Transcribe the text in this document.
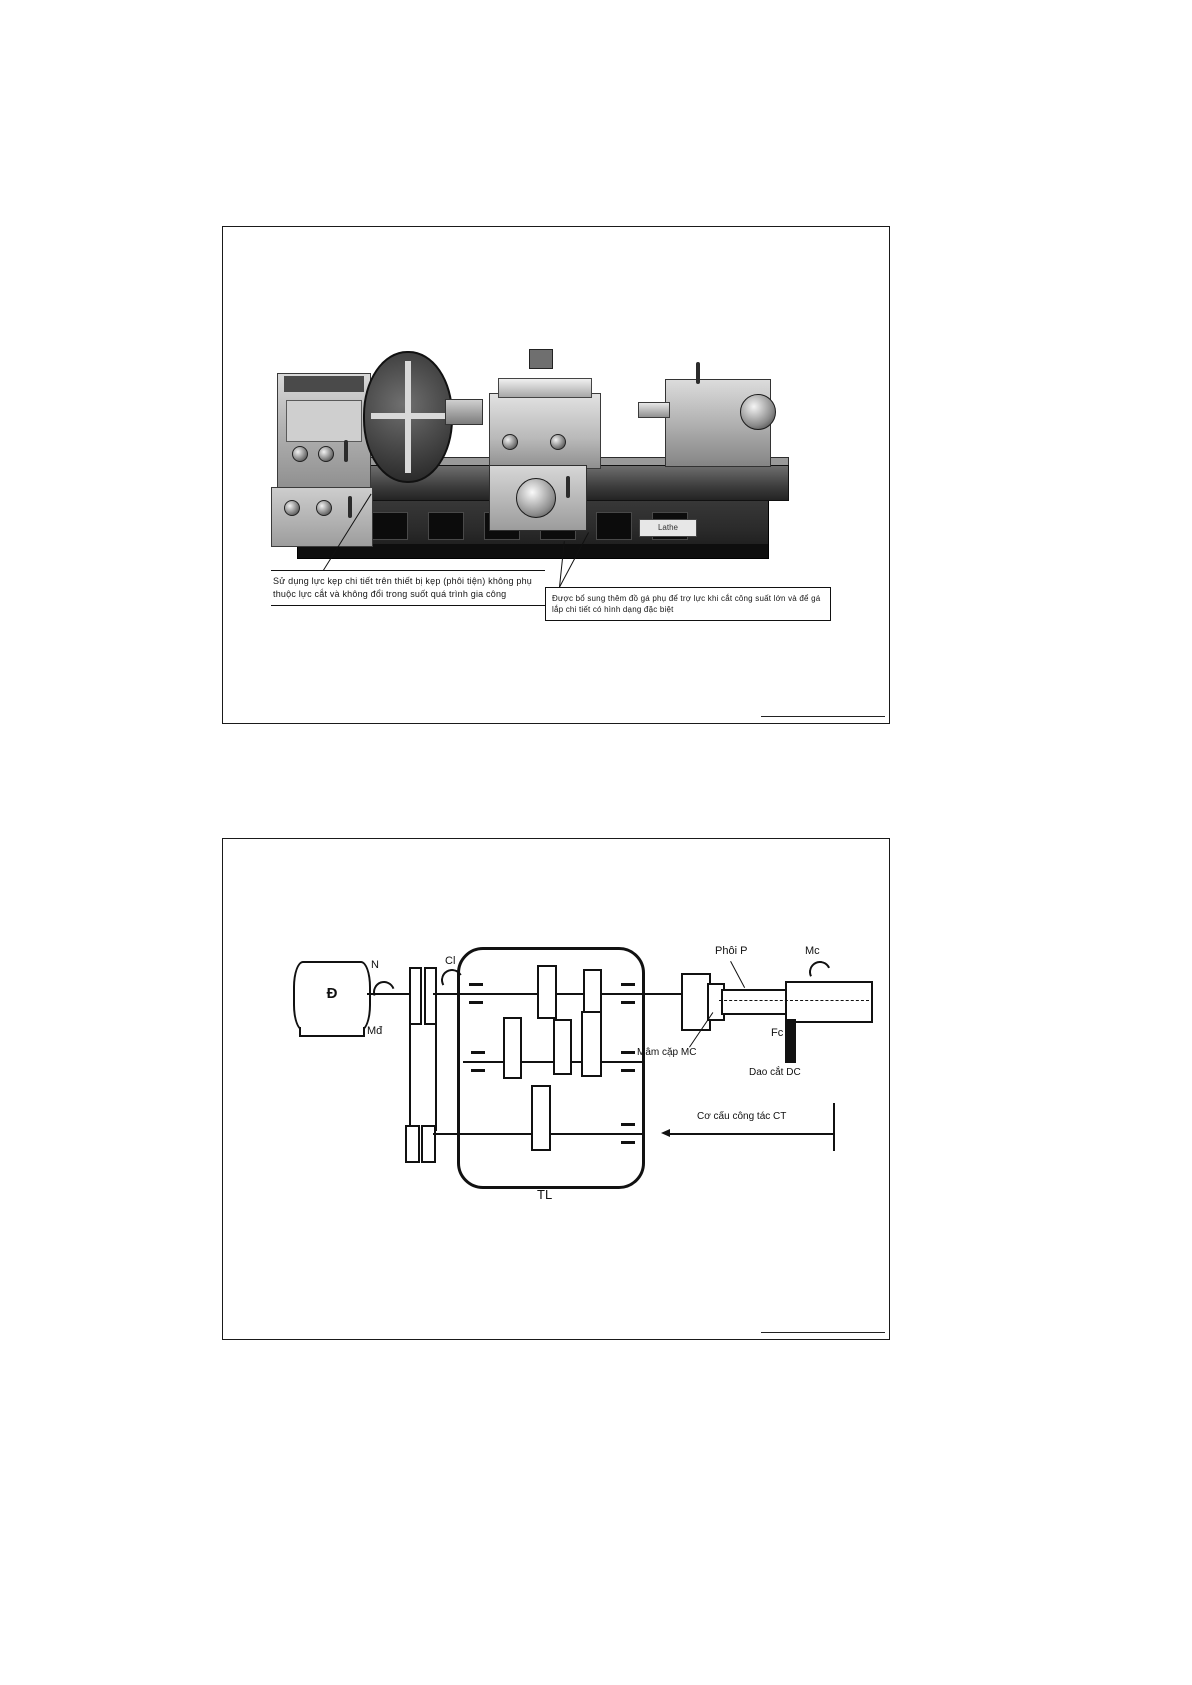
Lathe
Sử dụng lực kẹp chi tiết trên thiết bị kẹp (phôi tiện) không phụ thuộc lực cắt và không đổi trong suốt quá trình gia công	Được bổ sung thêm đồ gá phụ để trợ lực khi cắt công suất lớn và để gá lắp chi tiết có hình dạng đặc biệt
Đ
N
Mđ
Cl
TL
Phôi P	Mc
Mâm cặp MC
Fc
Dao cắt DC
Cơ cấu công tác CT
